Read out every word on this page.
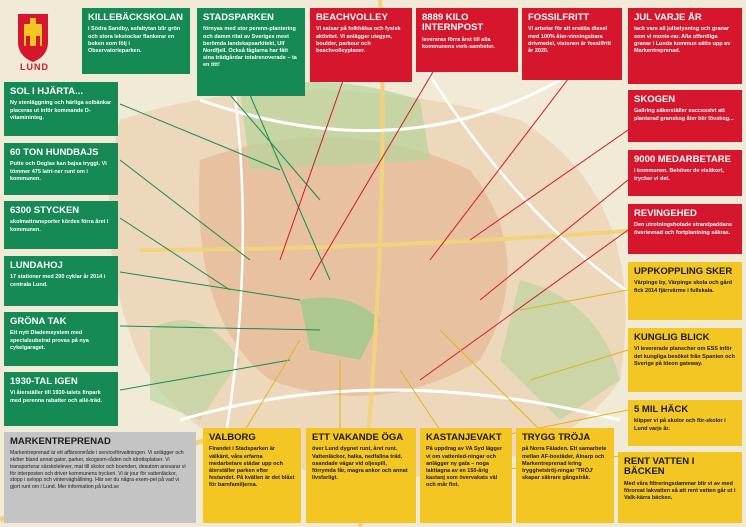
LUND
KILLEBÄCKSKOLAN

i Södra Sandby, asfaltytan blir grön och stora lekstockar flankerar en boken som följ i Observatorieparken.

STADSPARKEN

förnyas med stor perenn-plantering och damm ritat av Sveriges mest berömda landskapsarkitekt, Ulf Nordfjell. Också fåglarna har fått sina trädgårdar totalrenoverade – ta en titt!

SOL I HJÄRTA...

Ny stenläggning och härliga solbänkar placeras ut inför kommande D-vitamininteg.

60 TON HUNDBAJS

Putte och Doglas kan bajsa tryggt. Vi tömmer 475 latri-ner runt om i kommunen.

6300 STYCKEN

skolmattransporter kördes förra året i kommunen.

LUNDAHOJ

17 stationer med 200 cyklar år 2014 i centrala Lund.

GRÖNA TAK

Ett nytt Diademsystem med specialsubstrat provas på nya cykelgaraget.

1930-TAL IGEN

Vi återställer till 1930-talets finpark med perenna rabatter och allé-träd.

BEACHVOLLEY

Vi satsar på folkhälsa och fysisk aktivitet. Vi anlägger utegym, boulder, parkour och beachvolleyplaner.

8889 KILO INTERNPOST

levereras förra året till alla kommunens verk-samheter.

FOSSILFRITT

Vi arbetar för att ersätta diesel med 100% åter-vinningsbara drivmedel, visionen är fossilfritt år 2020.

JUL VARJE ÅR

tack vare all julbelysning och granar som vi monte-rar. Alla offentliga granar i Lunds kommun sätts upp av Markentreprenad.

SKOGEN

Gallring säkerställer successivt att planterad granskog åter blir lövskog...

9000 MEDARBETARE

i kommunen. Behöver de visitkort, trycker vi det.

REVINGEHED

Den utrotningshotade strandpaddans överlevnad och fortplantning säkras.

UPPKOPPLING SKER

Värpinge by, Värpinge skola och gård fick 2014 fjärrvärme i fullskala.

KUNGLIG BLICK

Vi levererade planscher om ESS inför det kungliga besöket från Spanien och Sverige på Ideon gateway.

5 MIL HÄCK

klipper vi på skolor och för-skolor i Lund varje år.

RENT VATTEN I BÄCKEN

Med våra filtreringsdammar blir vi av med föroreat lakvatten så att rent vatten går ut i Valk-kärra bäcken.

MARKENTREPRENAD

Markentreprenad är ett affärsområde i serviceförvaltningen. Vi anlägger och sköter bland annat gator, parker, skogsom-råden och idrottsplatser. Vi transporterar särskolelever, mat till skolor och boenden, desutom ansvarar vi för interposten och driver kommunens tryckeri. Vi är jour för vattenläckor, stopp i avlopp och vinterväghållning. Här ser du några exem-pel på vad vi gjort runt om i Lund. Mer information på lund.se

VALBORG

Firandet i Stadsparken är välkänt, våra erfarna medarbetare städar upp och återställer parken efter festandet. På kvällen är det blåst för barnfamiljerna.

ETT VAKANDE ÖGA

över Lund dygnet runt, året runt. Vattenläckor, halka, nedfallna träd, osandade vägar vid oljespill, förrymda får, magra ankor och annat livsfarligt.

KASTANJEVAKT

På uppdrag av VA Syd lägger vi om vattenled-ningar och anlägger ny gata – noga lakttagna av en 150-årig kastanj som övervakats väl och mår fint.

TRYGG TRÖJA

på Norra Fäladen. Ett samarbete mellan AF-bostäder, Alnarp och Markentreprenad kring trygghetströj-ningar 'TRÖJ' skapar säkrare gångstråk.
